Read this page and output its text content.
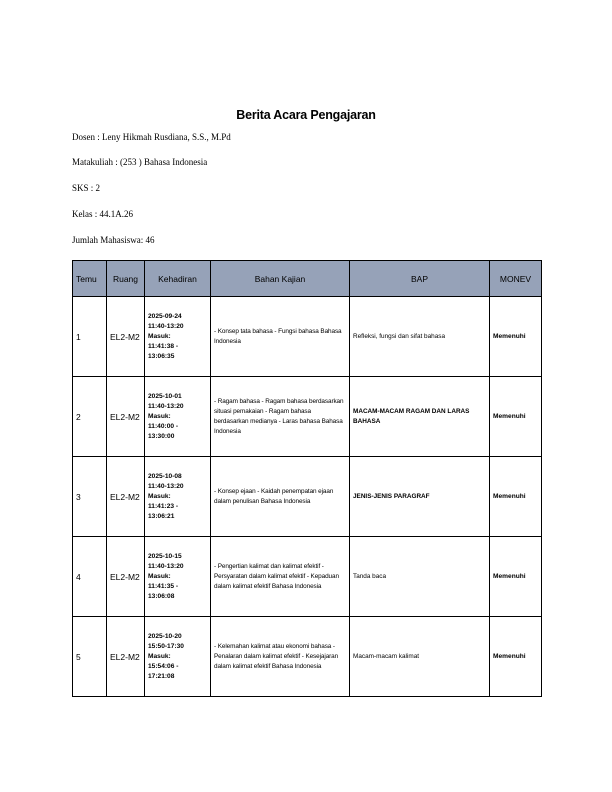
Berita Acara Pengajaran
Dosen : Leny Hikmah Rusdiana, S.S., M.Pd
Matakuliah : (253 ) Bahasa Indonesia
SKS : 2
Kelas : 44.1A.26
Jumlah Mahasiswa: 46
Temu	Ruang	Kehadiran	Bahan Kajian	BAP	MONEV
1	EL2-M2	2025-09-24
11:40-13:20
Masuk:
11:41:38 -
13:06:35	- Konsep tata bahasa - Fungsi bahasa Bahasa Indonesia	Refleksi, fungsi dan sifat bahasa	Memenuhi
2	EL2-M2	2025-10-01
11:40-13:20
Masuk:
11:40:00 -
13:30:00	- Ragam bahasa - Ragam bahasa berdasarkan situasi pemakaian - Ragam bahasa berdasarkan medianya - Laras bahasa Bahasa Indonesia	MACAM-MACAM RAGAM DAN LARAS BAHASA	Memenuhi
3	EL2-M2	2025-10-08
11:40-13:20
Masuk:
11:41:23 -
13:06:21	- Konsep ejaan - Kaidah penempatan ejaan dalam penulisan Bahasa Indonesia	JENIS-JENIS PARAGRAF	Memenuhi
4	EL2-M2	2025-10-15
11:40-13:20
Masuk:
11:41:35 -
13:06:08	- Pengertian kalimat dan kalimat efektif - Persyaratan dalam kalimat efektif - Kepaduan dalam kalimat efektif Bahasa Indonesia	Tanda baca	Memenuhi
5	EL2-M2	2025-10-20
15:50-17:30
Masuk:
15:54:06 -
17:21:08	- Kelemahan kalimat atau ekonomi bahasa - Penalaran dalam kalimat efektif - Kesejajaran dalam kalimat efektif Bahasa Indonesia	Macam-macam kalimat	Memenuhi
